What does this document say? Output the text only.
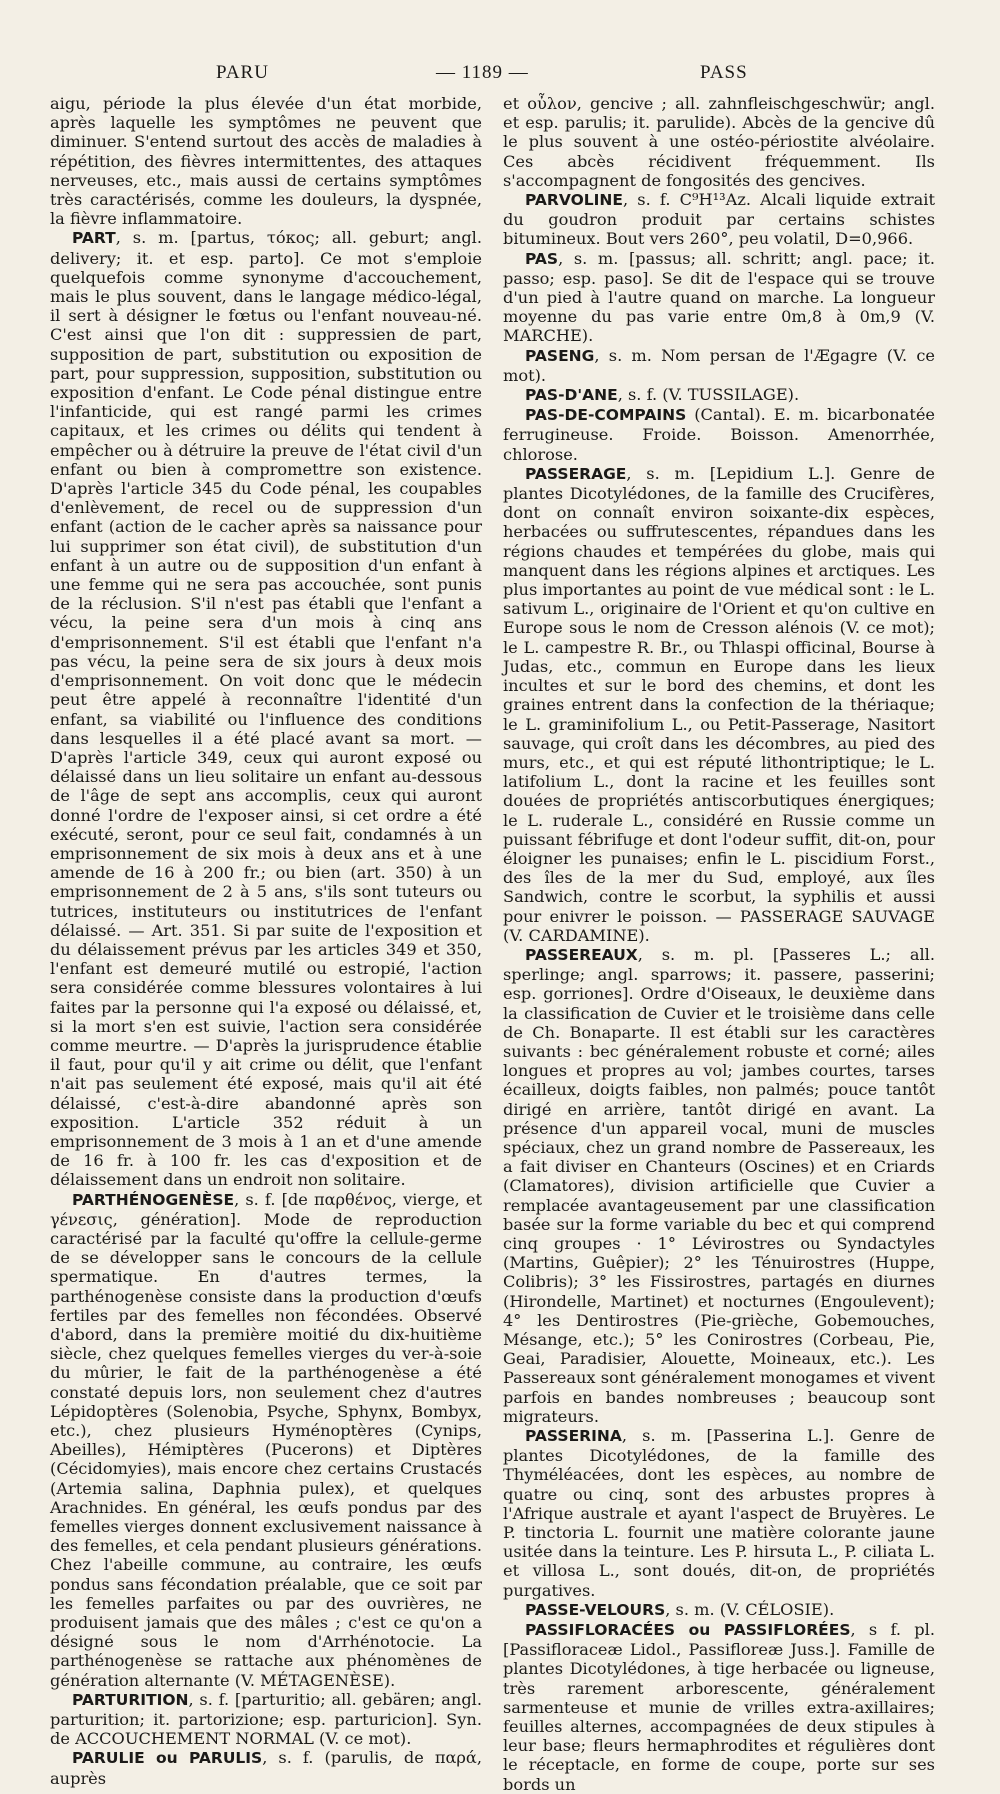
PARU	— 1189 —	PASS

aigu, période la plus élevée d'un état morbide, après laquelle les symptômes ne peuvent que diminuer. S'entend surtout des accès de maladies à répétition, des fièvres intermittentes, des attaques nerveuses, etc., mais aussi de certains symptômes très caractérisés, comme les douleurs, la dyspnée, la fièvre inflammatoire.

PART, s. m. [partus, τόκος; all. geburt; angl. delivery; it. et esp. parto]. Ce mot s'emploie quelquefois comme synonyme d'accouchement, mais le plus souvent, dans le langage médico-légal, il sert à désigner le fœtus ou l'enfant nouveau-né. C'est ainsi que l'on dit : suppressien de part, supposition de part, substitution ou exposition de part, pour suppression, supposition, substitution ou exposition d'enfant. Le Code pénal distingue entre l'infanticide, qui est rangé parmi les crimes capitaux, et les crimes ou délits qui tendent à empêcher ou à détruire la preuve de l'état civil d'un enfant ou bien à compromettre son existence. D'après l'article 345 du Code pénal, les coupables d'enlèvement, de recel ou de suppression d'un enfant (action de le cacher après sa naissance pour lui supprimer son état civil), de substitution d'un enfant à un autre ou de supposition d'un enfant à une femme qui ne sera pas accouchée, sont punis de la réclusion. S'il n'est pas établi que l'enfant a vécu, la peine sera d'un mois à cinq ans d'emprisonnement. S'il est établi que l'enfant n'a pas vécu, la peine sera de six jours à deux mois d'emprisonnement. On voit donc que le médecin peut être appelé à reconnaître l'identité d'un enfant, sa viabilité ou l'influence des conditions dans lesquelles il a été placé avant sa mort. — D'après l'article 349, ceux qui auront exposé ou délaissé dans un lieu solitaire un enfant au-dessous de l'âge de sept ans accomplis, ceux qui auront donné l'ordre de l'exposer ainsi, si cet ordre a été exécuté, seront, pour ce seul fait, condamnés à un emprisonnement de six mois à deux ans et à une amende de 16 à 200 fr.; ou bien (art. 350) à un emprisonnement de 2 à 5 ans, s'ils sont tuteurs ou tutrices, instituteurs ou institutrices de l'enfant délaissé. — Art. 351. Si par suite de l'exposition et du délaissement prévus par les articles 349 et 350, l'enfant est demeuré mutilé ou estropié, l'action sera considérée comme blessures volontaires à lui faites par la personne qui l'a exposé ou délaissé, et, si la mort s'en est suivie, l'action sera considérée comme meurtre. — D'après la jurisprudence établie il faut, pour qu'il y ait crime ou délit, que l'enfant n'ait pas seulement été exposé, mais qu'il ait été délaissé, c'est-à-dire abandonné après son exposition. L'article 352 réduit à un emprisonnement de 3 mois à 1 an et d'une amende de 16 fr. à 100 fr. les cas d'exposition et de délaissement dans un endroit non solitaire.

PARTHÉNOGENÈSE, s. f. [de παρθένος, vierge, et γένεσις, génération]. Mode de reproduction caractérisé par la faculté qu'offre la cellule-germe de se développer sans le concours de la cellule spermatique. En d'autres termes, la parthénogenèse consiste dans la production d'œufs fertiles par des femelles non fécondées. Observé d'abord, dans la première moitié du dix-huitième siècle, chez quelques femelles vierges du ver-à-soie du mûrier, le fait de la parthénogenèse a été constaté depuis lors, non seulement chez d'autres Lépidoptères (Solenobia, Psyche, Sphynx, Bombyx, etc.), chez plusieurs Hyménoptères (Cynips, Abeilles), Hémiptères (Pucerons) et Diptères (Cécidomyies), mais encore chez certains Crustacés (Artemia salina, Daphnia pulex), et quelques Arachnides. En général, les œufs pondus par des femelles vierges donnent exclusivement naissance à des femelles, et cela pendant plusieurs générations. Chez l'abeille commune, au contraire, les œufs pondus sans fécondation préalable, que ce soit par les femelles parfaites ou par des ouvrières, ne produisent jamais que des mâles ; c'est ce qu'on a désigné sous le nom d'Arrhénotocie. La parthénogenèse se rattache aux phénomènes de génération alternante (V. MÉTAGENÈSE).

PARTURITION, s. f. [parturitio; all. gebären; angl. parturition; it. partorizione; esp. parturicion]. Syn. de ACCOUCHEMENT NORMAL (V. ce mot).

PARULIE ou PARULIS, s. f. (parulis, de παρά, auprès

et οὖλον, gencive ; all. zahnfleischgeschwür; angl. et esp. parulis; it. parulide). Abcès de la gencive dû le plus souvent à une ostéo-périostite alvéolaire. Ces abcès récidivent fréquemment. Ils s'accompagnent de fongosités des gencives.

PARVOLINE, s. f. C⁹H¹³Az. Alcali liquide extrait du goudron produit par certains schistes bitumineux. Bout vers 260°, peu volatil, D=0,966.

PAS, s. m. [passus; all. schritt; angl. pace; it. passo; esp. paso]. Se dit de l'espace qui se trouve d'un pied à l'autre quand on marche. La longueur moyenne du pas varie entre 0m,8 à 0m,9 (V. MARCHE).

PASENG, s. m. Nom persan de l'Ægagre (V. ce mot).

PAS-D'ANE, s. f. (V. TUSSILAGE).

PAS-DE-COMPAINS (Cantal). E. m. bicarbonatée ferrugineuse. Froide. Boisson. Amenorrhée, chlorose.

PASSERAGE, s. m. [Lepidium L.]. Genre de plantes Dicotylédones, de la famille des Crucifères, dont on connaît environ soixante-dix espèces, herbacées ou suffrutescentes, répandues dans les régions chaudes et tempérées du globe, mais qui manquent dans les régions alpines et arctiques. Les plus importantes au point de vue médical sont : le L. sativum L., originaire de l'Orient et qu'on cultive en Europe sous le nom de Cresson alénois (V. ce mot); le L. campestre R. Br., ou Thlaspi officinal, Bourse à Judas, etc., commun en Europe dans les lieux incultes et sur le bord des chemins, et dont les graines entrent dans la confection de la thériaque; le L. graminifolium L., ou Petit-Passerage, Nasitort sauvage, qui croît dans les décombres, au pied des murs, etc., et qui est réputé lithontriptique; le L. latifolium L., dont la racine et les feuilles sont douées de propriétés antiscorbutiques énergiques; le L. ruderale L., considéré en Russie comme un puissant fébrifuge et dont l'odeur suffit, dit-on, pour éloigner les punaises; enfin le L. piscidium Forst., des îles de la mer du Sud, employé, aux îles Sandwich, contre le scorbut, la syphilis et aussi pour enivrer le poisson. — PASSERAGE SAUVAGE (V. CARDAMINE).

PASSEREAUX, s. m. pl. [Passeres L.; all. sperlinge; angl. sparrows; it. passere, passerini; esp. gorriones]. Ordre d'Oiseaux, le deuxième dans la classification de Cuvier et le troisième dans celle de Ch. Bonaparte. Il est établi sur les caractères suivants : bec généralement robuste et corné; ailes longues et propres au vol; jambes courtes, tarses écailleux, doigts faibles, non palmés; pouce tantôt dirigé en arrière, tantôt dirigé en avant. La présence d'un appareil vocal, muni de muscles spéciaux, chez un grand nombre de Passereaux, les a fait diviser en Chanteurs (Oscines) et en Criards (Clamatores), division artificielle que Cuvier a remplacée avantageusement par une classification basée sur la forme variable du bec et qui comprend cinq groupes · 1° Lévirostres ou Syndactyles (Martins, Guêpier); 2° les Ténuirostres (Huppe, Colibris); 3° les Fissirostres, partagés en diurnes (Hirondelle, Martinet) et nocturnes (Engoulevent); 4° les Dentirostres (Pie-grièche, Gobemouches, Mésange, etc.); 5° les Conirostres (Corbeau, Pie, Geai, Paradisier, Alouette, Moineaux, etc.). Les Passereaux sont généralement monogames et vivent parfois en bandes nombreuses ; beaucoup sont migrateurs.

PASSERINA, s. m. [Passerina L.]. Genre de plantes Dicotylédones, de la famille des Thyméléacées, dont les espèces, au nombre de quatre ou cinq, sont des arbustes propres à l'Afrique australe et ayant l'aspect de Bruyères. Le P. tinctoria L. fournit une matière colorante jaune usitée dans la teinture. Les P. hirsuta L., P. ciliata L. et villosa L., sont doués, dit-on, de propriétés purgatives.

PASSE-VELOURS, s. m. (V. CÉLOSIE).

PASSIFLORACÉES ou PASSIFLORÉES, s f. pl. [Passifloraceæ Lidol., Passifloreæ Juss.]. Famille de plantes Dicotylédones, à tige herbacée ou ligneuse, très rarement arborescente, généralement sarmenteuse et munie de vrilles extra-axillaires; feuilles alternes, accompagnées de deux stipules à leur base; fleurs hermaphrodites et régulières dont le réceptacle, en forme de coupe, porte sur ses bords un
